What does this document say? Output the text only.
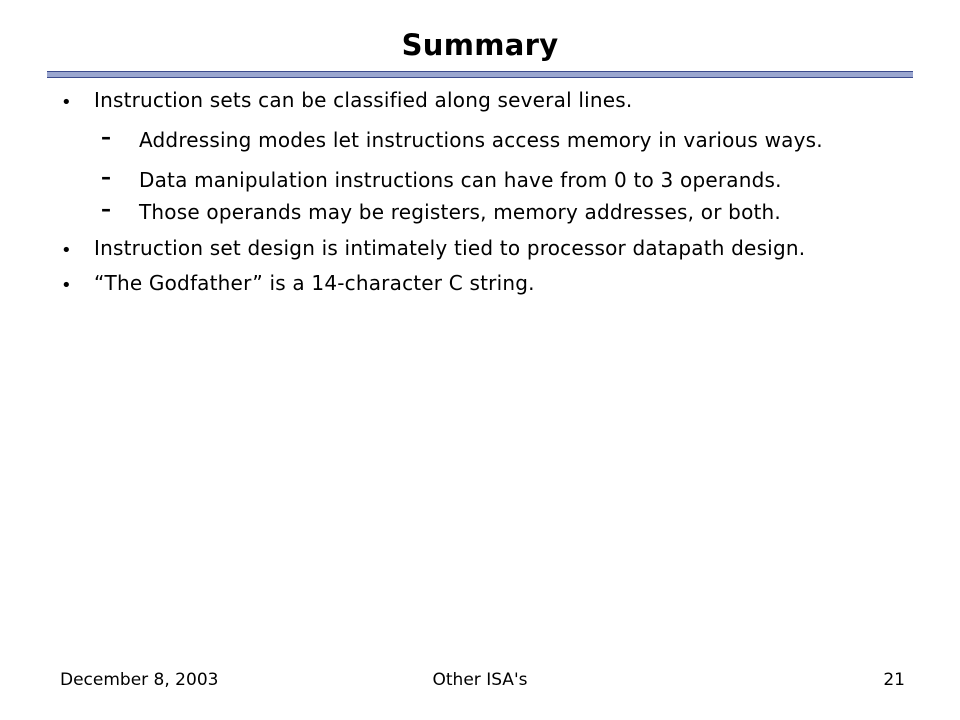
Summary
• Instruction sets can be classified along several lines.
– Addressing modes let instructions access memory in various ways.
– Data manipulation instructions can have from 0 to 3 operands.
– Those operands may be registers, memory addresses, or both.
• Instruction set design is intimately tied to processor datapath design.
• “The Godfather” is a 14-character C string.
December 8, 2003	Other ISA's	21
